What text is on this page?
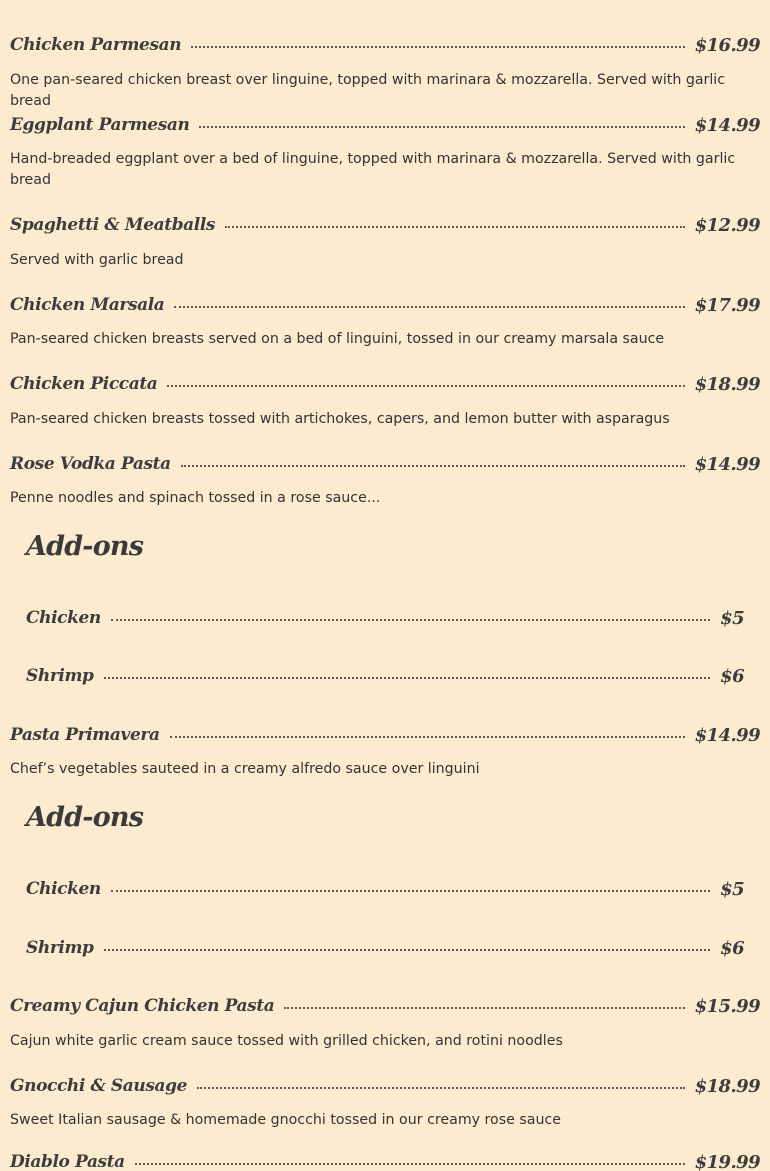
Chicken Parmesan	$16.99
One pan-seared chicken breast over linguine, topped with marinara & mozzarella. Served with garlic bread
Eggplant Parmesan	$14.99
Hand-breaded eggplant over a bed of linguine, topped with marinara & mozzarella. Served with garlic bread
Spaghetti & Meatballs	$12.99
Served with garlic bread
Chicken Marsala	$17.99
Pan-seared chicken breasts served on a bed of linguini, tossed in our creamy marsala sauce
Chicken Piccata	$18.99
Pan-seared chicken breasts tossed with artichokes, capers, and lemon butter with asparagus
Rose Vodka Pasta	$14.99
Penne noodles and spinach tossed in a rose sauce...
Add-ons
Chicken	$5
Shrimp	$6
Pasta Primavera	$14.99
Chef’s vegetables sauteed in a creamy alfredo sauce over linguini
Add-ons
Chicken	$5
Shrimp	$6
Creamy Cajun Chicken Pasta	$15.99
Cajun white garlic cream sauce tossed with grilled chicken, and rotini noodles
Gnocchi & Sausage	$18.99
Sweet Italian sausage & homemade gnocchi tossed in our creamy rose sauce
Diablo Pasta	$19.99
